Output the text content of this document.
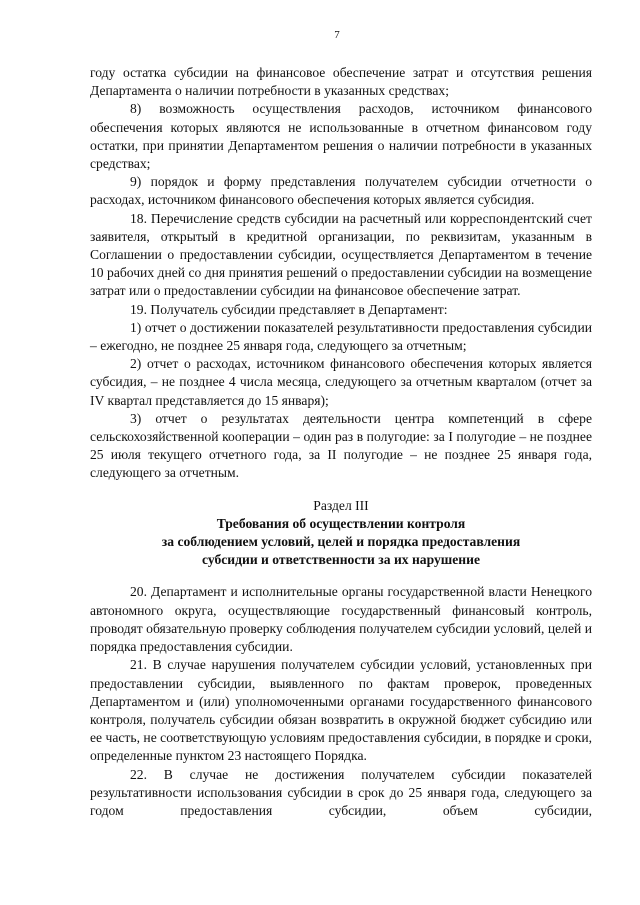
7

году остатка субсидии на финансовое обеспечение затрат и отсутствия решения Департамента о наличии потребности в указанных средствах;

8) возможность осуществления расходов, источником финансового обеспечения которых являются не использованные в отчетном финансовом году остатки, при принятии Департаментом решения о наличии потребности в указанных средствах;

9) порядок и форму представления получателем субсидии отчетности о расходах, источником финансового обеспечения которых является субсидия.

18. Перечисление средств субсидии на расчетный или корреспондентский счет заявителя, открытый в кредитной организации, по реквизитам, указанным в Соглашении о предоставлении субсидии, осуществляется Департаментом в течение 10 рабочих дней со дня принятия решений о предоставлении субсидии на возмещение затрат или о предоставлении субсидии на финансовое обеспечение затрат.

19. Получатель субсидии представляет в Департамент:

1) отчет о достижении показателей результативности предоставления субсидии – ежегодно, не позднее 25 января года, следующего за отчетным;

2) отчет о расходах, источником финансового обеспечения которых является субсидия, – не позднее 4 числа месяца, следующего за отчетным кварталом (отчет за IV квартал представляется до 15 января);

3) отчет о результатах деятельности центра компетенций в сфере сельскохозяйственной кооперации – один раз в полугодие: за I полугодие – не позднее 25 июля текущего отчетного года, за II полугодие – не позднее 25 января года, следующего за отчетным.

Раздел III

Требования об осуществлении контроля

за соблюдением условий, целей и порядка предоставления

субсидии и ответственности за их нарушение

20. Департамент и исполнительные органы государственной власти Ненецкого автономного округа, осуществляющие государственный финансовый контроль, проводят обязательную проверку соблюдения получателем субсидии условий, целей и порядка предоставления субсидии.

21. В случае нарушения получателем субсидии условий, установленных при предоставлении субсидии, выявленного по фактам проверок, проведенных Департаментом и (или) уполномоченными органами государственного финансового контроля, получатель субсидии обязан возвратить в окружной бюджет субсидию или ее часть, не соответствующую условиям предоставления субсидии, в порядке и сроки, определенные пунктом 23 настоящего Порядка.

22. В случае не достижения получателем субсидии показателей результативности использования субсидии в срок до 25 января года, следующего за годом предоставления субсидии, объем субсидии,
